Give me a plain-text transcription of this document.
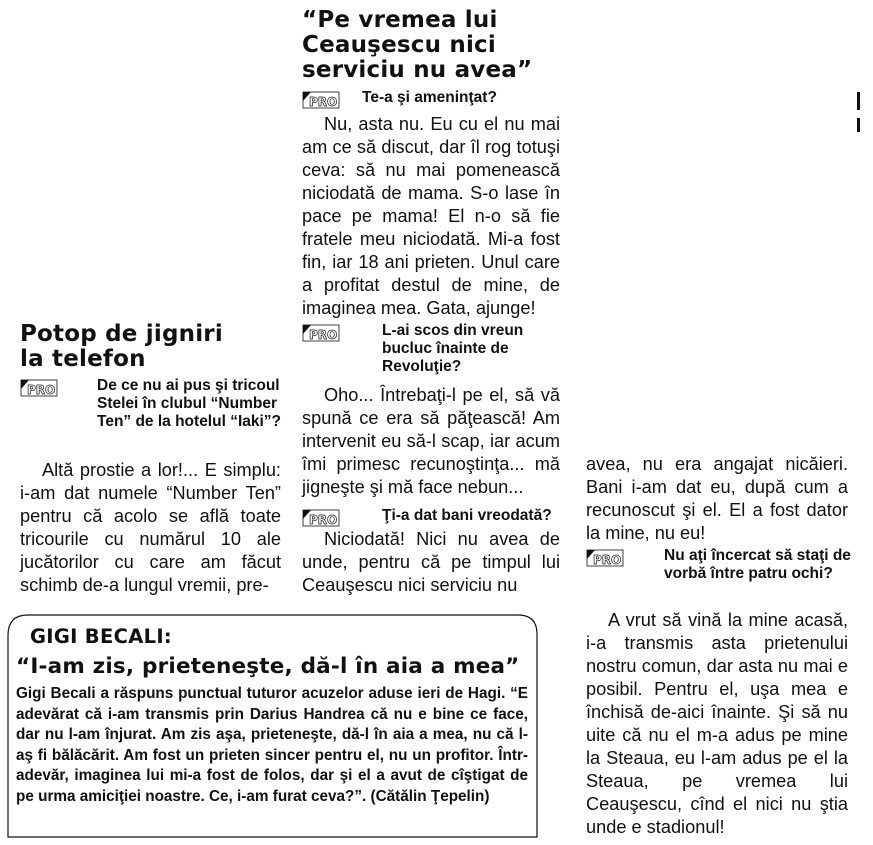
“Pe vremea lui Ceauşescu nici serviciu nu avea”
PRO Te-a şi ameninţat?
Nu, asta nu. Eu cu el nu mai am ce să discut, dar îl rog totuşi ceva: să nu mai pomenească niciodată de mama. S-o lase în pace pe mama! El n-o să fie fratele meu niciodată. Mi-a fost fin, iar 18 ani prieten. Unul care a profitat destul de mine, de imaginea mea. Gata, ajunge!
PRO	L-ai scos din vreun bucluc înainte de Revoluţie?
Oho... Întrebaţi-l pe el, să vă spună ce era să păţească! Am intervenit eu să-l scap, iar acum îmi primesc recunoştinţa... mă jigneşte şi mă face nebun...
PRO	Ţi-a dat bani vreodată?
Niciodată! Nici nu avea de unde, pentru că pe timpul lui Ceauşescu nici serviciu nu
Potop de jigniri la telefon
PRO	De ce nu ai pus şi tricoul Stelei în clubul “Number Ten” de la hotelul “Iaki”?
Altă prostie a lor!... E simplu: i-am dat numele “Number Ten” pentru că acolo se află toate tricourile cu numărul 10 ale jucătorilor cu care am făcut schimb de-a lungul vremii, pre-
avea, nu era angajat nicăieri. Bani i-am dat eu, după cum a recunoscut şi el. El a fost dator la mine, nu eu!
PRO	Nu aţi încercat să staţi de vorbă între patru ochi?
A vrut să vină la mine acasă, i-a transmis asta prietenului nostru comun, dar asta nu mai e posibil. Pentru el, uşa mea e închisă de-aici înainte. Şi să nu uite că nu el m-a adus pe mine la Steaua, eu l-am adus pe el la Steaua, pe vremea lui Ceauşescu, cînd el nici nu ştia unde e stadionul!
GIGI BECALI:
“I-am zis, prieteneşte, dă-l în aia a mea”
Gigi Becali a răspuns punctual tuturor acuzelor aduse ieri de Hagi. “E adevărat că i-am transmis prin Darius Handrea că nu e bine ce face, dar nu l-am înjurat. Am zis aşa, prieteneşte, dă-l în aia a mea, nu că l-aş fi bălăcărit. Am fost un prieten sincer pentru el, nu un profitor. Într-adevăr, imaginea lui mi-a fost de folos, dar şi el a avut de cîştigat de pe urma amiciţiei noastre. Ce, i-am furat ceva?”. (Cătălin Ţepelin)
